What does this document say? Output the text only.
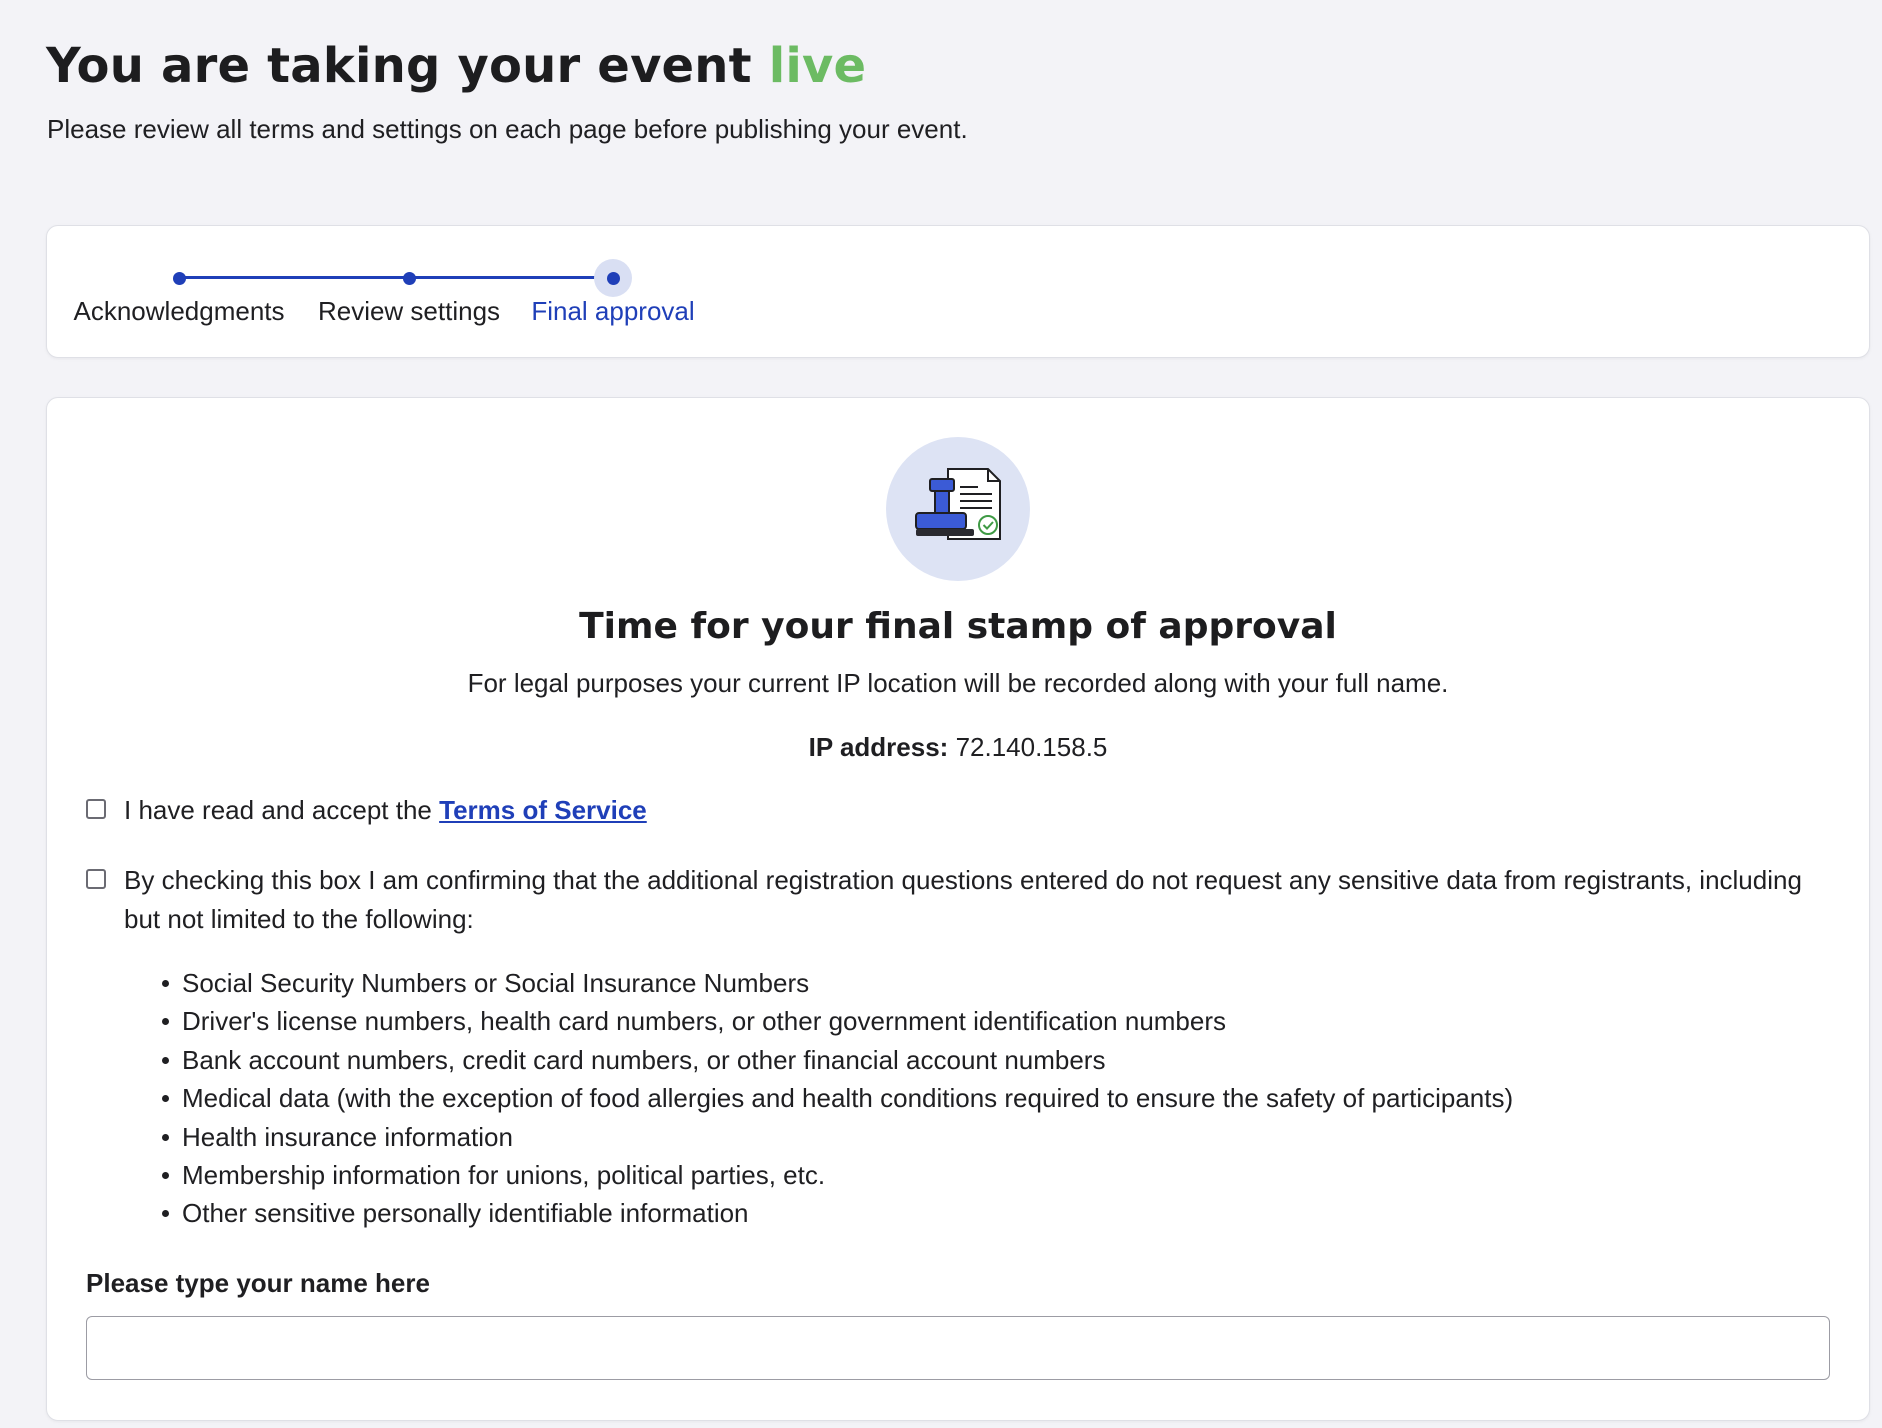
You are taking your event live

Please review all terms and settings on each page before publishing your event.

Acknowledgments Review settings Final approval
Time for your final stamp of approval

For legal purposes your current IP location will be recorded along with your full name.

IP address: 72.140.158.5

I have read and accept the Terms of Service
By checking this box I am confirming that the additional registration questions entered do not request any sensitive data from registrants, including but not limited to the following:
Social Security Numbers or Social Insurance Numbers
Driver's license numbers, health card numbers, or other government identification numbers
Bank account numbers, credit card numbers, or other financial account numbers
Medical data (with the exception of food allergies and health conditions required to ensure the safety of participants)
Health insurance information
Membership information for unions, political parties, etc.
Other sensitive personally identifiable information
Please type your name here
